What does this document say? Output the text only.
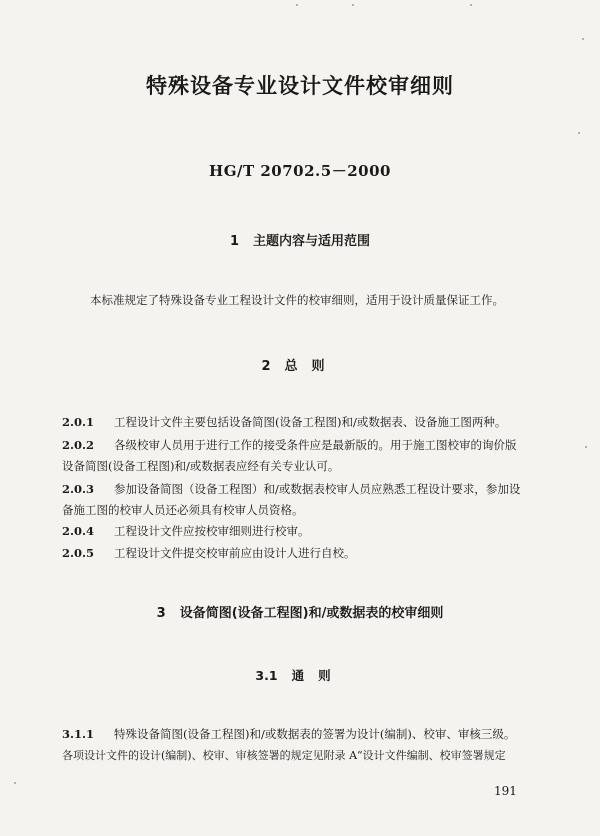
特殊设备专业设计文件校审细则
HG/T 20702.5－2000
1 主题内容与适用范围
本标准规定了特殊设备专业工程设计文件的校审细则，适用于设计质量保证工作。
2 总则
2.0.1 工程设计文件主要包括设备简图(设备工程图)和/或数据表、设备施工图两种。
2.0.2 各级校审人员用于进行工作的接受条件应是最新版的。用于施工图校审的询价版
设备简图(设备工程图)和/或数据表应经有关专业认可。
2.0.3 参加设备简图（设备工程图）和/或数据表校审人员应熟悉工程设计要求，参加设
备施工图的校审人员还必须具有校审人员资格。
2.0.4 工程设计文件应按校审细则进行校审。
2.0.5 工程设计文件提交校审前应由设计人进行自校。
3 设备简图(设备工程图)和/或数据表的校审细则
3.1 通则
3.1.1 特殊设备简图(设备工程图)和/或数据表的签署为设计(编制)、校审、审核三级。
各项设计文件的设计(编制)、校审、审核签署的规定见附录 A“设计文件编制、校审签署规定
191
